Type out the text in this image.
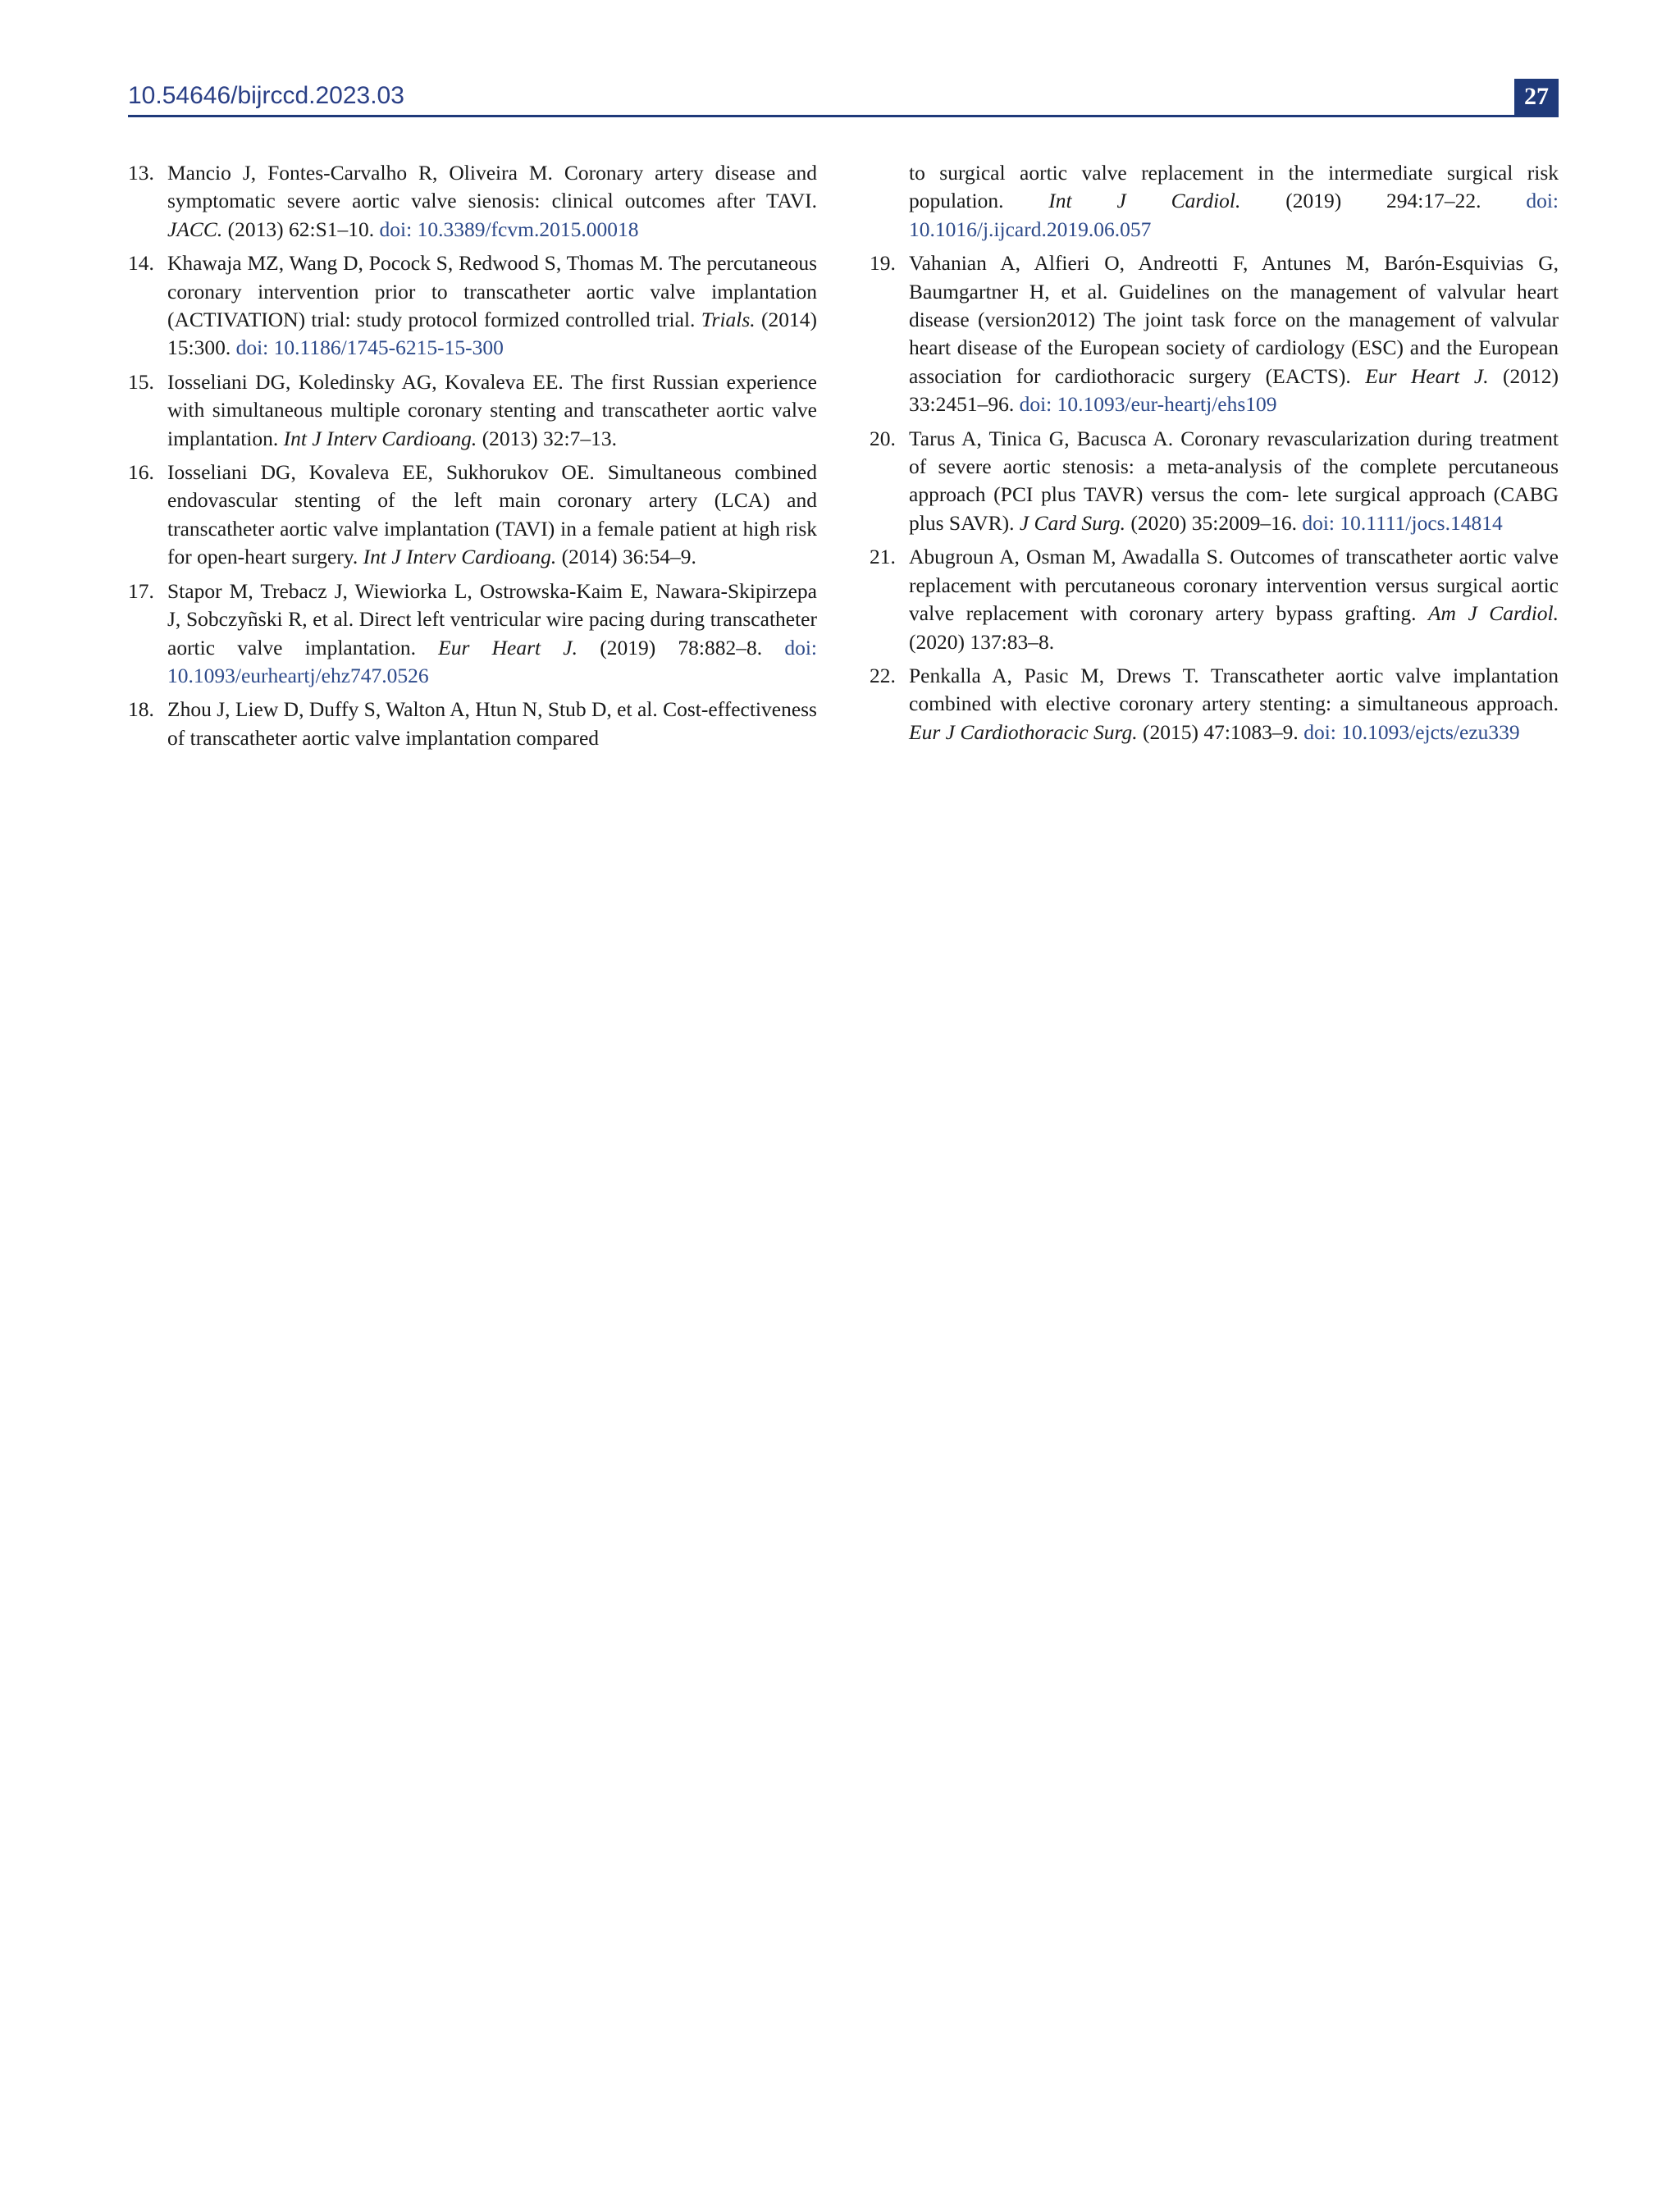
10.54646/bijrccd.2023.03	27
13. Mancio J, Fontes-Carvalho R, Oliveira M. Coronary artery disease and symptomatic severe aortic valve sienosis: clinical outcomes after TAVI. JACC. (2013) 62:S1–10. doi: 10.3389/fcvm.2015.00018
14. Khawaja MZ, Wang D, Pocock S, Redwood S, Thomas M. The percutaneous coronary intervention prior to transcatheter aortic valve implantation (ACTIVATION) trial: study protocol formized controlled trial. Trials. (2014) 15:300. doi: 10.1186/1745-6215-15-300
15. Iosseliani DG, Koledinsky AG, Kovaleva EE. The first Russian experience with simultaneous multiple coronary stenting and transcatheter aortic valve implantation. Int J Interv Cardioang. (2013) 32:7–13.
16. Iosseliani DG, Kovaleva EE, Sukhorukov OE. Simultaneous combined endovascular stenting of the left main coronary artery (LCA) and transcatheter aortic valve implantation (TAVI) in a female patient at high risk for open-heart surgery. Int J Interv Cardioang. (2014) 36:54–9.
17. Stapor M, Trebacz J, Wiewiorka L, Ostrowska-Kaim E, Nawara-Skipirzepa J, Sobczyñski R, et al. Direct left ventricular wire pacing during transcatheter aortic valve implantation. Eur Heart J. (2019) 78:882–8. doi: 10.1093/eurheartj/ehz747.0526
18. Zhou J, Liew D, Duffy S, Walton A, Htun N, Stub D, et al. Cost-effectiveness of transcatheter aortic valve implantation compared
to surgical aortic valve replacement in the intermediate surgical risk population. Int J Cardiol. (2019) 294:17–22. doi: 10.1016/j.ijcard.2019.06.057
19. Vahanian A, Alfieri O, Andreotti F, Antunes M, Barón-Esquivias G, Baumgartner H, et al. Guidelines on the management of valvular heart disease (version2012) The joint task force on the management of valvular heart disease of the European society of cardiology (ESC) and the European association for cardiothoracic surgery (EACTS). Eur Heart J. (2012) 33:2451–96. doi: 10.1093/eur-heartj/ehs109
20. Tarus A, Tinica G, Bacusca A. Coronary revascularization during treatment of severe aortic stenosis: a meta-analysis of the complete percutaneous approach (PCI plus TAVR) versus the com- lete surgical approach (CABG plus SAVR). J Card Surg. (2020) 35:2009–16. doi: 10.1111/jocs.14814
21. Abugroun A, Osman M, Awadalla S. Outcomes of transcatheter aortic valve replacement with percutaneous coronary intervention versus surgical aortic valve replacement with coronary artery bypass grafting. Am J Cardiol. (2020) 137:83–8.
22. Penkalla A, Pasic M, Drews T. Transcatheter aortic valve implantation combined with elective coronary artery stenting: a simultaneous approach. Eur J Cardiothoracic Surg. (2015) 47:1083–9. doi: 10.1093/ejcts/ezu339
